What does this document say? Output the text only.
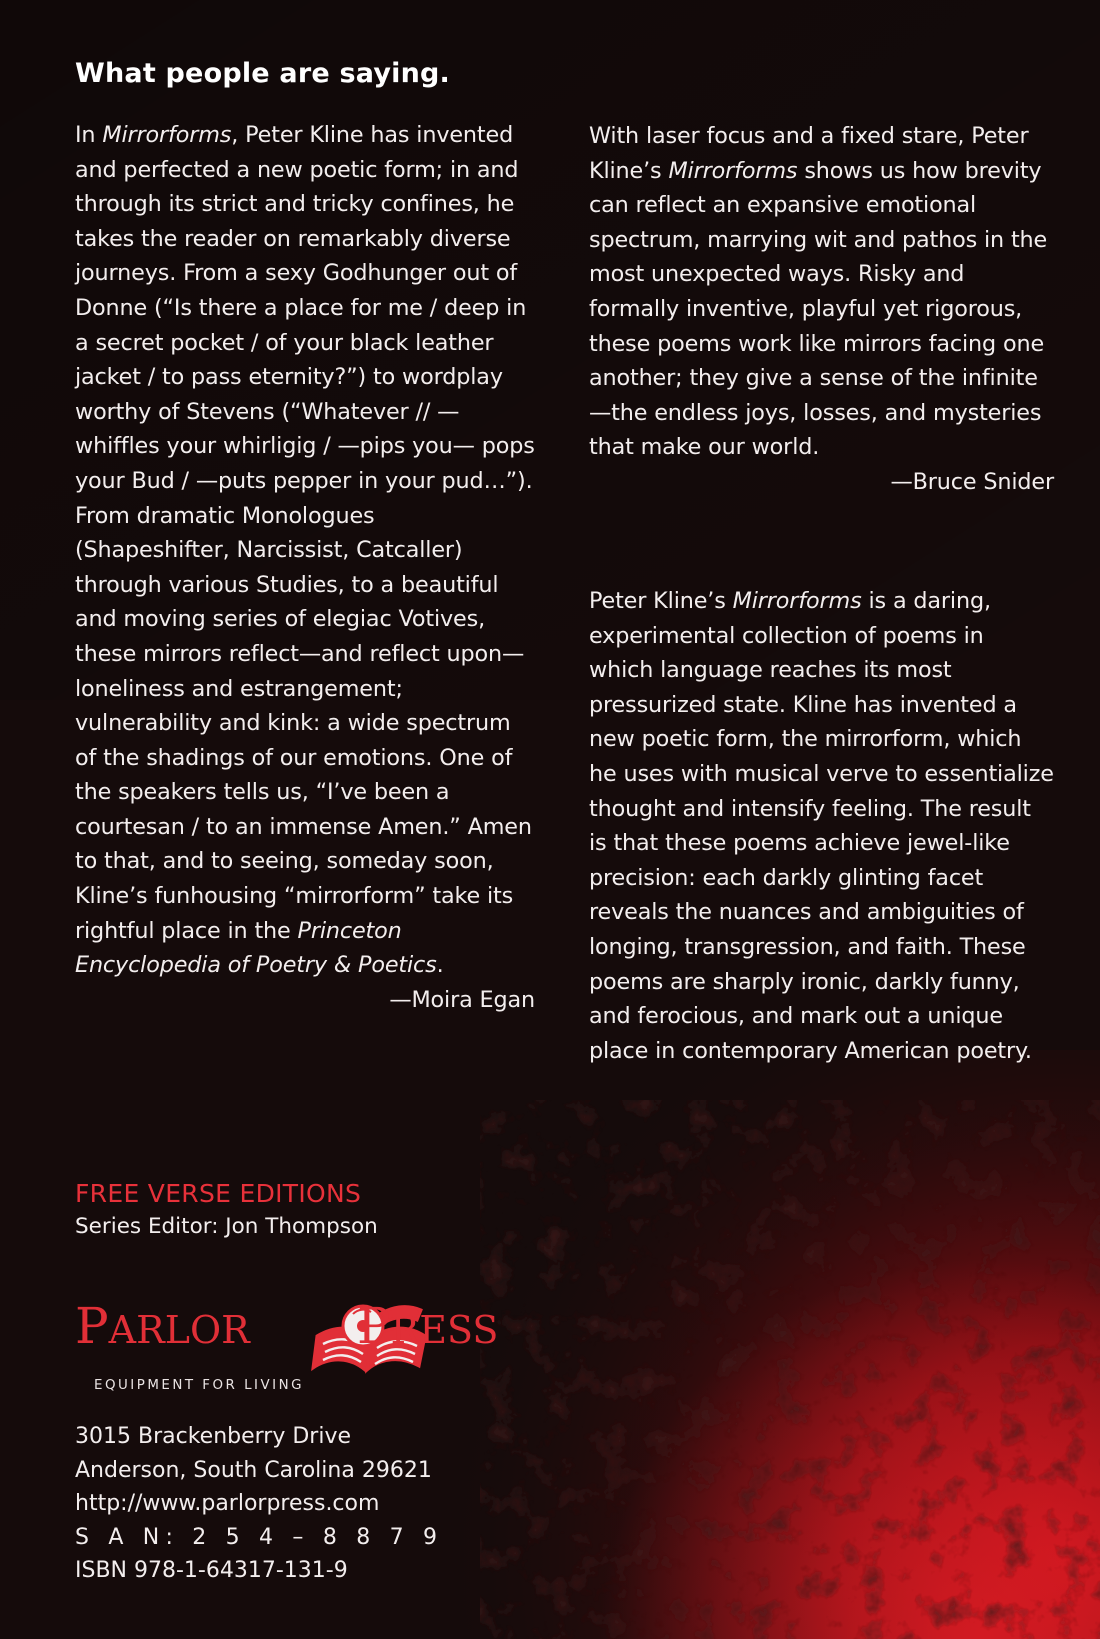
What people are saying.

In Mirrorforms, Peter Kline has invented and perfected a new poetic form; in and through its strict and tricky confines, he takes the reader on remarkably diverse journeys. From a sexy Godhunger out of Donne (“Is there a place for me / deep in a secret pocket / of your black leather jacket / to pass eternity?”) to wordplay worthy of Stevens (“Whatever // —whiffles your whirligig / —pips you— pops your Bud / —puts pepper in your pud…”). From dramatic Monologues (Shapeshifter, Narcissist, Catcaller) through various Studies, to a beautiful and moving series of elegiac Votives, these mirrors reflect—and reflect upon—loneliness and estrangement; vulnerability and kink: a wide spectrum of the shadings of our emotions. One of the speakers tells us, “I’ve been a courtesan / to an immense Amen.” Amen to that, and to seeing, someday soon, Kline’s funhousing “mirrorform” take its rightful place in the Princeton Encyclopedia of Poetry & Poetics.

—Moira Egan

With laser focus and a fixed stare, Peter Kline’s Mirrorforms shows us how brevity can reflect an expansive emotional spectrum, marrying wit and pathos in the most unexpected ways. Risky and formally inventive, playful yet rigorous, these poems work like mirrors facing one another; they give a sense of the infinite—the endless joys, losses, and mysteries that make our world.

—Bruce Snider

Peter Kline’s Mirrorforms is a daring, experimental collection of poems in which language reaches its most pressurized state. Kline has invented a new poetic form, the mirrorform, which he uses with musical verve to essentialize thought and intensify feeling. The result is that these poems achieve jewel-like precision: each darkly glinting facet reveals the nuances and ambiguities of longing, transgression, and faith. These poems are sharply ironic, darkly funny, and ferocious, and mark out a unique place in contemporary American poetry.

FREE VERSE EDITIONS
Series Editor: Jon Thompson
PARLOR PRESS
EQUIPMENT FOR LIVING
3015 Brackenberry Drive
Anderson, South Carolina 29621
http://www.parlorpress.com
S A N: 2 5 4 – 8 8 7 9
ISBN 978-1-64317-131-9
